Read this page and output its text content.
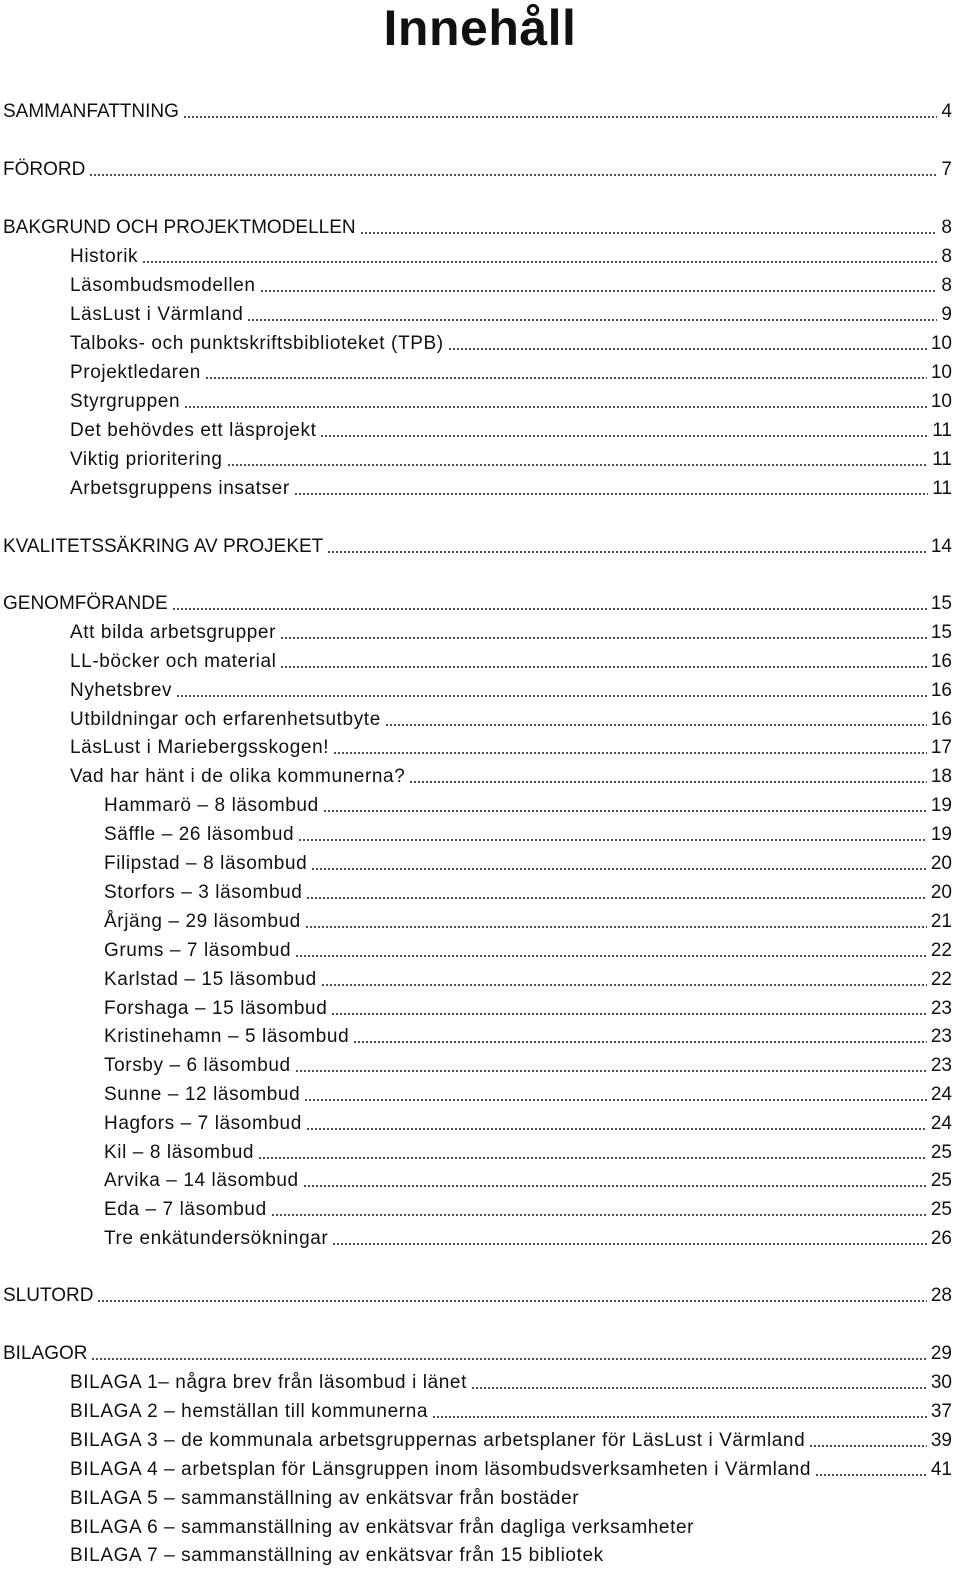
Innehåll
SAMMANFATTNING	4
FÖRORD	7
BAKGRUND OCH PROJEKTMODELLEN	8
Historik	8
Läsombudsmodellen	8
LäsLust i Värmland	9
Talboks- och punktskriftsbiblioteket (TPB)	10
Projektledaren	10
Styrgruppen	10
Det behövdes ett läsprojekt	11
Viktig prioritering	11
Arbetsgruppens insatser	11
KVALITETSSÄKRING AV PROJEKET	14
GENOMFÖRANDE	15
Att bilda arbetsgrupper	15
LL-böcker och material	16
Nyhetsbrev	16
Utbildningar och erfarenhetsutbyte	16
LäsLust i Mariebergsskogen!	17
Vad har hänt i de olika kommunerna?	18
Hammarö – 8 läsombud	19
Säffle – 26 läsombud	19
Filipstad – 8 läsombud	20
Storfors – 3 läsombud	20
Årjäng – 29 läsombud	21
Grums – 7 läsombud	22
Karlstad – 15 läsombud	22
Forshaga – 15 läsombud	23
Kristinehamn – 5 läsombud	23
Torsby – 6 läsombud	23
Sunne – 12 läsombud	24
Hagfors – 7 läsombud	24
Kil – 8 läsombud	25
Arvika – 14 läsombud	25
Eda – 7 läsombud	25
Tre enkätundersökningar	26
SLUTORD	28
BILAGOR	29
BILAGA 1– några brev från läsombud i länet	30
BILAGA 2 – hemställan till kommunerna	37
BILAGA 3 – de kommunala arbetsgruppernas arbetsplaner för LäsLust i Värmland	39
BILAGA 4 – arbetsplan för Länsgruppen inom läsombudsverksamheten i Värmland	41
BILAGA 5 – sammanställning av enkätsvar från bostäder
BILAGA 6 – sammanställning av enkätsvar från dagliga verksamheter
BILAGA 7 – sammanställning av enkätsvar från 15 bibliotek
